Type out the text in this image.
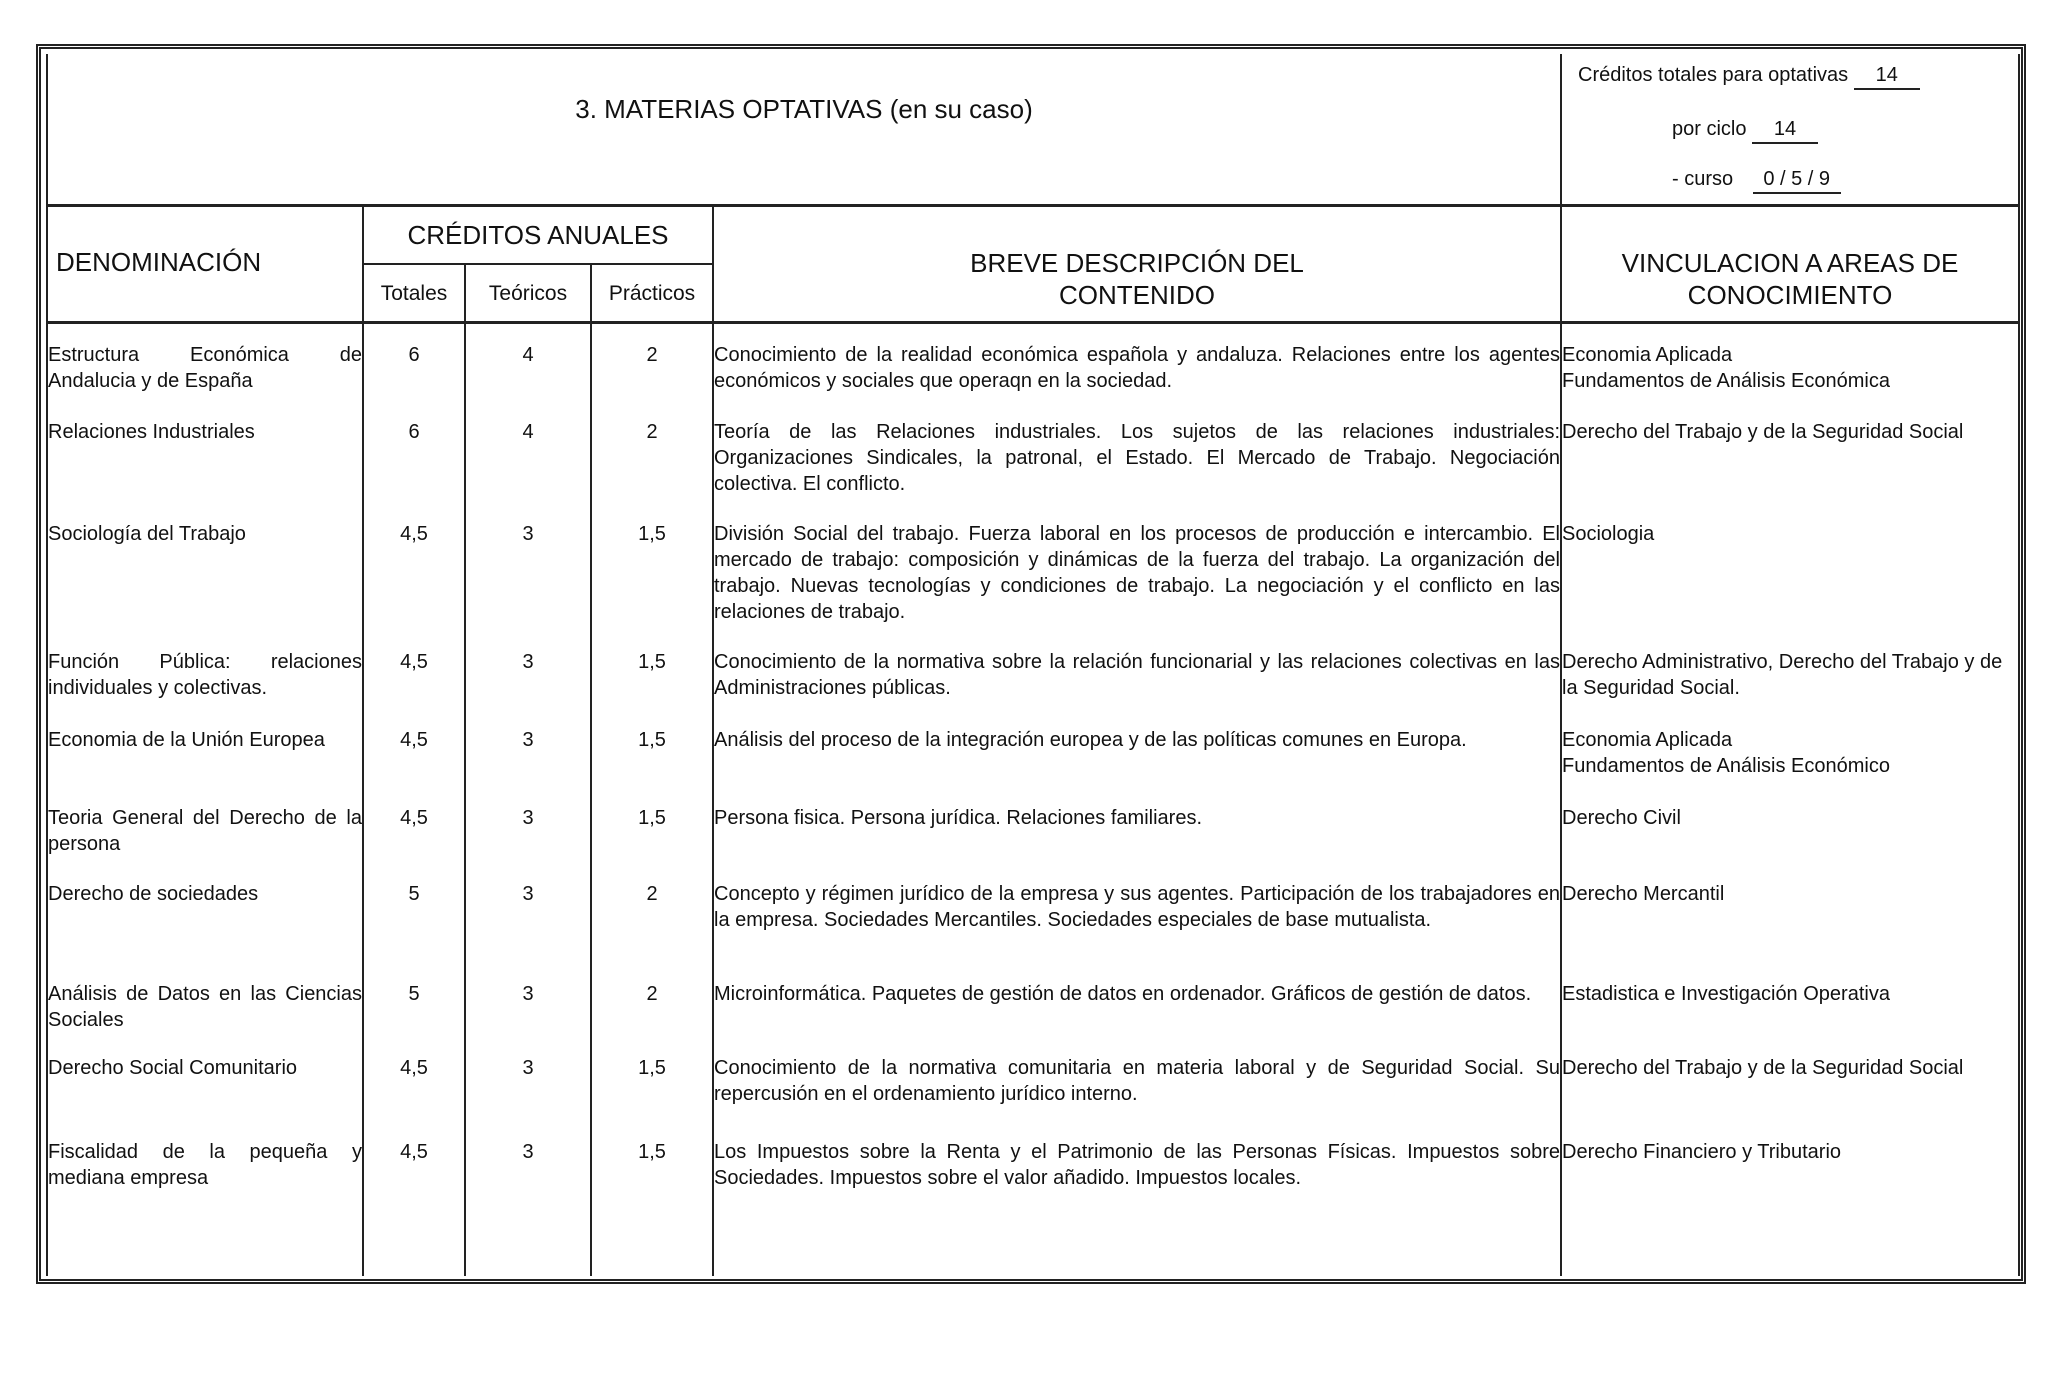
3. MATERIAS OPTATIVAS (en su caso)					Créditos totales para optativas 14
por ciclo 14
- curso 0 / 5 / 9

DENOMINACIÓN	CRÉDITOS ANUALES			BREVE DESCRIPCIÓN DEL CONTENIDO	VINCULACION A AREAS DE CONOCIMIENTO

	Totales	Teóricos	Prácticos		

Estructura Económica de Andalucia y de España	6	4	2	Conocimiento de la realidad económica española y andaluza. Relaciones entre los agentes económicos y sociales que operaqn en la sociedad.	Economia Aplicada
Fundamentos de Análisis Económica
Relaciones Industriales	6	4	2	Teoría de las Relaciones industriales. Los sujetos de las relaciones industriales: Organizaciones Sindicales, la patronal, el Estado. El Mercado de Trabajo. Negociación colectiva. El conflicto.	Derecho del Trabajo y de la Seguridad Social
Sociología del Trabajo	4,5	3	1,5	División Social del trabajo. Fuerza laboral en los procesos de producción e intercambio. El mercado de trabajo: composición y dinámicas de la fuerza del trabajo. La organización del trabajo. Nuevas tecnologías y condiciones de trabajo. La negociación y el conflicto en las relaciones de trabajo.	Sociologia
Función Pública: relaciones individuales y colectivas.	4,5	3	1,5	Conocimiento de la normativa sobre la relación funcionarial y las relaciones colectivas en las Administraciones públicas.	Derecho Administrativo, Derecho del Trabajo y de la Seguridad Social.
Economia de la Unión Europea	4,5	3	1,5	Análisis del proceso de la integración europea y de las políticas comunes en Europa.	Economia Aplicada
Fundamentos de Análisis Económico
Teoria General del Derecho de la persona	4,5	3	1,5	Persona fisica. Persona jurídica. Relaciones familiares.	Derecho Civil
Derecho de sociedades	5	3	2	Concepto y régimen jurídico de la empresa y sus agentes. Participación de los trabajadores en la empresa. Sociedades Mercantiles. Sociedades especiales de base mutualista.	Derecho Mercantil
Análisis de Datos en las Ciencias Sociales	5	3	2	Microinformática. Paquetes de gestión de datos en ordenador. Gráficos de gestión de datos.	Estadistica e Investigación Operativa
Derecho Social Comunitario	4,5	3	1,5	Conocimiento de la normativa comunitaria en materia laboral y de Seguridad Social. Su repercusión en el ordenamiento jurídico interno.	Derecho del Trabajo y de la Seguridad Social
Fiscalidad de la pequeña y mediana empresa	4,5	3	1,5	Los Impuestos sobre la Renta y el Patrimonio de las Personas Físicas. Impuestos sobre Sociedades. Impuestos sobre el valor añadido. Impuestos locales.	Derecho Financiero y Tributario
